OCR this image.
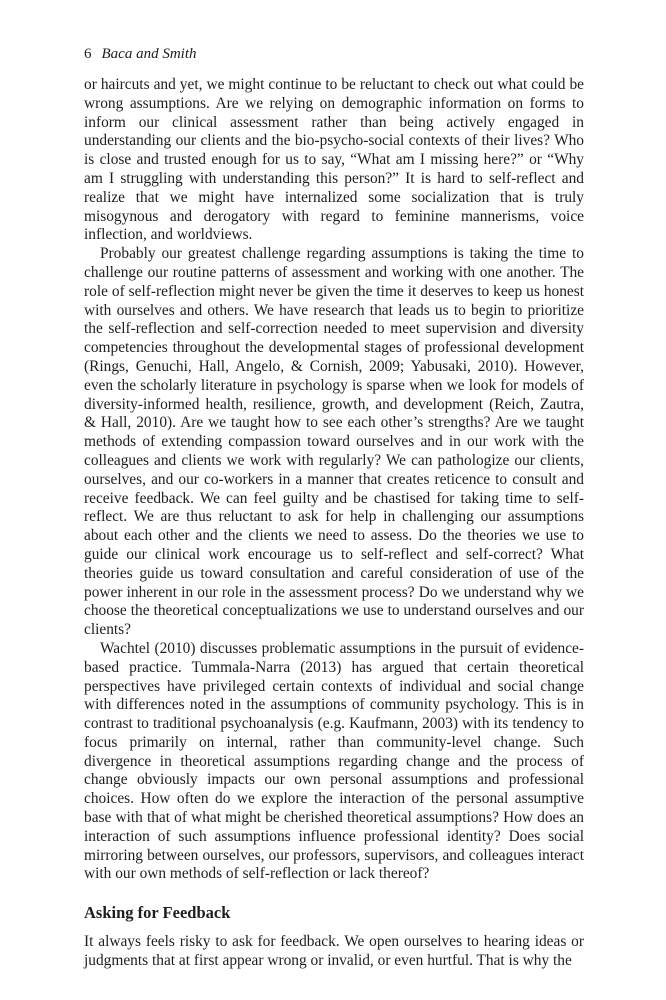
6 Baca and Smith

or haircuts and yet, we might continue to be reluctant to check out what could be wrong assumptions. Are we relying on demographic information on forms to inform our clinical assessment rather than being actively engaged in understanding our clients and the bio-psycho-social contexts of their lives? Who is close and trusted enough for us to say, “What am I missing here?” or “Why am I struggling with understanding this person?” It is hard to self-reflect and realize that we might have internalized some socialization that is truly misogynous and derogatory with regard to feminine mannerisms, voice inflection, and worldviews.

Probably our greatest challenge regarding assumptions is taking the time to challenge our routine patterns of assessment and working with one another. The role of self-reflection might never be given the time it deserves to keep us honest with ourselves and others. We have research that leads us to begin to prioritize the self-reflection and self-correction needed to meet supervision and diversity competencies throughout the developmental stages of professional development (Rings, Genuchi, Hall, Angelo, & Cornish, 2009; Yabusaki, 2010). However, even the scholarly literature in psychology is sparse when we look for models of diversity-informed health, resilience, growth, and development (Reich, Zautra, & Hall, 2010). Are we taught how to see each other’s strengths? Are we taught methods of extending compassion toward ourselves and in our work with the colleagues and clients we work with regularly? We can pathologize our clients, ourselves, and our co-workers in a manner that creates reticence to consult and receive feedback. We can feel guilty and be chastised for taking time to self-reflect. We are thus reluctant to ask for help in challenging our assumptions about each other and the clients we need to assess. Do the theories we use to guide our clinical work encourage us to self-reflect and self-correct? What theories guide us toward consultation and careful consideration of use of the power inherent in our role in the assessment process? Do we understand why we choose the theoretical conceptualizations we use to understand ourselves and our clients?

Wachtel (2010) discusses problematic assumptions in the pursuit of evidence-based practice. Tummala-Narra (2013) has argued that certain theoretical perspectives have privileged certain contexts of individual and social change with differences noted in the assumptions of community psychology. This is in contrast to traditional psychoanalysis (e.g. Kaufmann, 2003) with its tendency to focus primarily on internal, rather than community-level change. Such divergence in theoretical assumptions regarding change and the process of change obviously impacts our own personal assumptions and professional choices. How often do we explore the interaction of the personal assumptive base with that of what might be cherished theoretical assumptions? How does an interaction of such assumptions influence professional identity? Does social mirroring between ourselves, our professors, supervisors, and colleagues interact with our own methods of self-reflection or lack thereof?

Asking for Feedback

It always feels risky to ask for feedback. We open ourselves to hearing ideas or judgments that at first appear wrong or invalid, or even hurtful. That is why the
